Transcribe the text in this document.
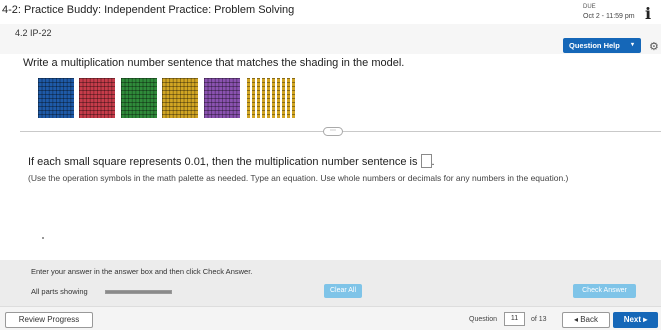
4-2: Practice Buddy: Independent Practice: Problem Solving	DUE
Oct 2 - 11:59 pm i
4.2 IP-22
Question Help ▾ ⚙
Write a multiplication number sentence that matches the shading in the model.
⋯
If each small square represents 0.01, then the multiplication number sentence is .
(Use the operation symbols in the math palette as needed. Type an equation. Use whole numbers or decimals for any numbers in the equation.)
Enter your answer in the answer box and then click Check Answer.
All parts showing	Clear All	Check Answer
Review Progress	Question	11	of 13	◂ Back	Next ▸
